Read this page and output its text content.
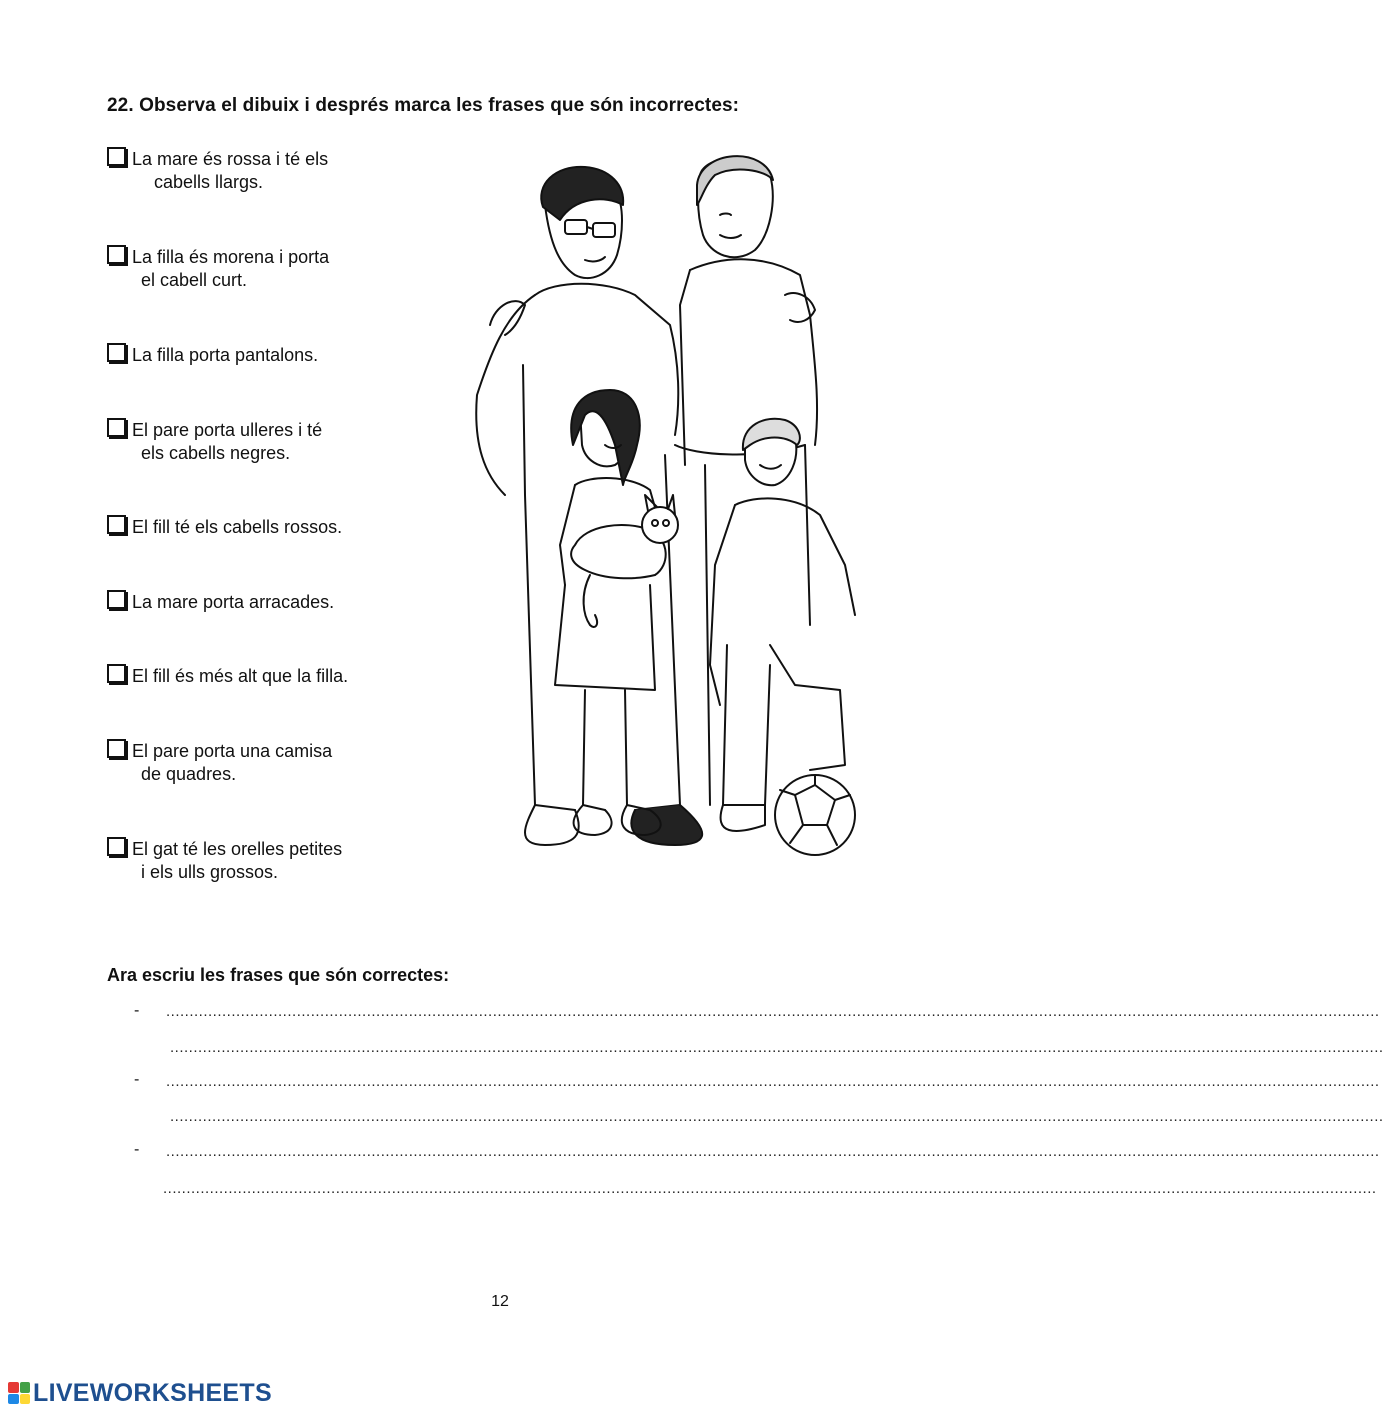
22. Observa el dibuix i després marca les frases que són incorrectes:
La mare és rossa i té els
cabells llargs.
La filla és morena i porta
el cabell curt.
La filla porta pantalons.
El pare porta ulleres i té
els cabells negres.
El fill té els cabells rossos.
La mare porta arracades.
El fill és més alt que la filla.
El pare porta una camisa
de quadres.
El gat té les orelles petites
i els ulls grossos.
Ara escriu les frases que són correctes:
- ....................................................................................................................................................................................................................................................................
....................................................................................................................................................................................................................................................................
- ....................................................................................................................................................................................................................................................................
....................................................................................................................................................................................................................................................................
- ....................................................................................................................................................................................................................................................................
....................................................................................................................................................................................................................................................................
12
LIVEWORKSHEETS
